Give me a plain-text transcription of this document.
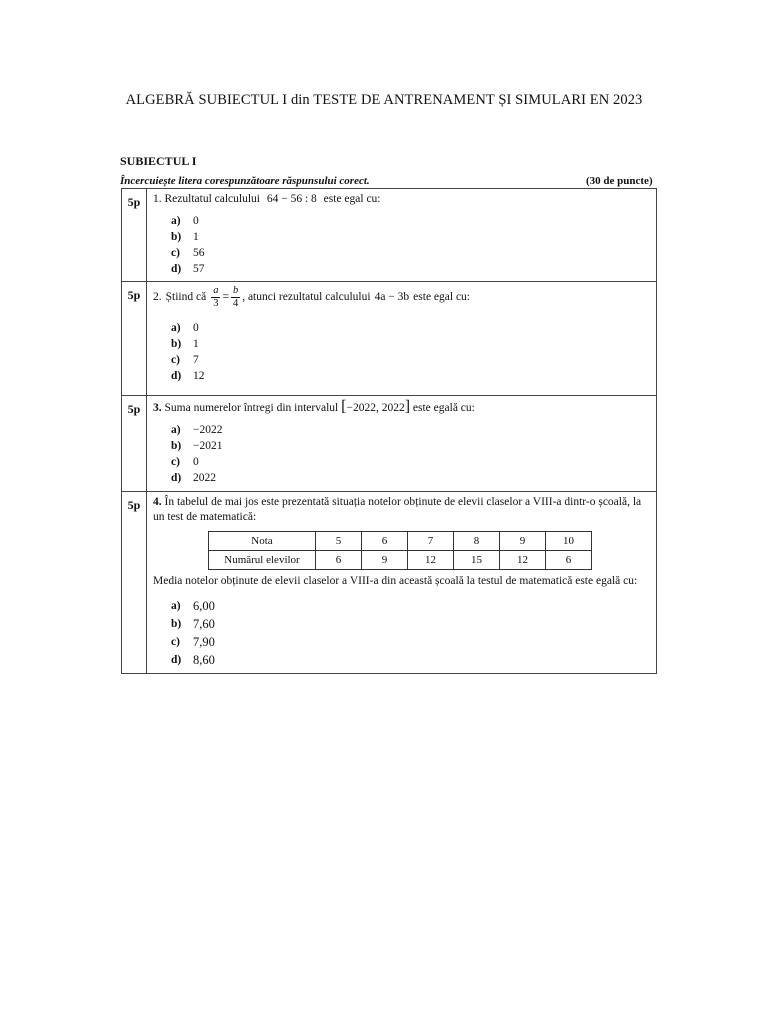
ALGEBRĂ SUBIECTUL I din TESTE DE ANTRENAMENT ȘI SIMULARI EN 2023
SUBIECTUL I
Încercuiește litera corespunzătoare răspunsului corect.	(30 de puncte)
5p	1. Rezultatul calculului 64 − 56 : 8 este egal cu:
a)	0
b)	1
c)	56
d)	57

5p	2. Știind că $\frac{a}{3} = \frac{b}{4}$ , atunci rezultatul calculului 4a − 3b este egal cu:
a)	0
b)	1
c)	7
d)	12

5p	3. Suma numerelor întregi din intervalul [−2022, 2022] este egală cu:
a)	−2022
b)	−2021
c)	0
d)	2022

5p	4. În tabelul de mai jos este prezentată situația notelor obținute de elevii claselor a VIII-a dintr-o școală, la un test de matematică:
Nota	5	6	7	8	9	10
Numărul elevilor	6	9	12	15	12	6
Media notelor obținute de elevii claselor a VIII-a din această școală la testul de matematică este egală cu:
a) 6,00
b) 7,60
c)	7,90
d) 8,60
